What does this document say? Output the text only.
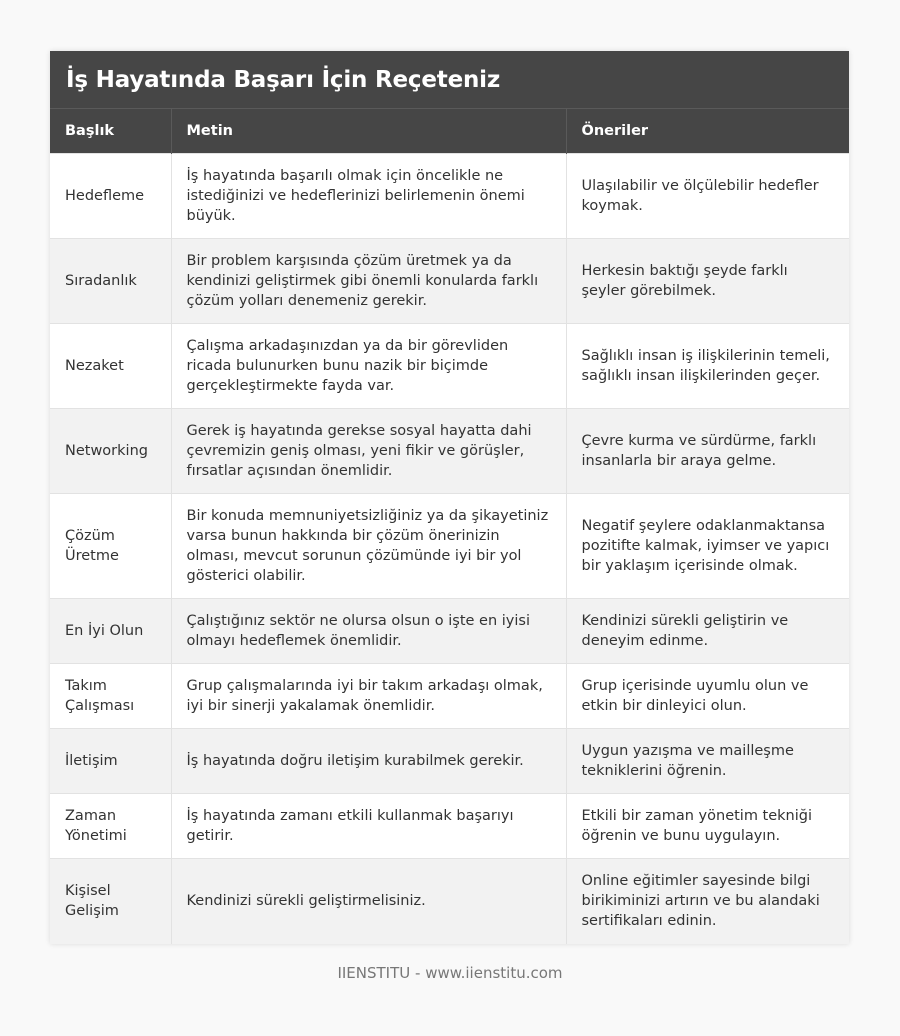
İş Hayatında Başarı İçin Reçeteniz
Başlık	Metin	Öneriler
Hedefleme	İş hayatında başarılı olmak için öncelikle ne istediğinizi ve hedeflerinizi belirlemenin önemi büyük.	Ulaşılabilir ve ölçülebilir hedefler koymak.
Sıradanlık	Bir problem karşısında çözüm üretmek ya da kendinizi geliştirmek gibi önemli konularda farklı çözüm yolları denemeniz gerekir.	Herkesin baktığı şeyde farklı şeyler görebilmek.
Nezaket	Çalışma arkadaşınızdan ya da bir görevliden ricada bulunurken bunu nazik bir biçimde gerçekleştirmekte fayda var.	Sağlıklı insan iş ilişkilerinin temeli, sağlıklı insan ilişkilerinden geçer.
Networking	Gerek iş hayatında gerekse sosyal hayatta dahi çevremizin geniş olması, yeni fikir ve görüşler, fırsatlar açısından önemlidir.	Çevre kurma ve sürdürme, farklı insanlarla bir araya gelme.
Çözüm Üretme	Bir konuda memnuniyetsizliğiniz ya da şikayetiniz varsa bunun hakkında bir çözüm önerinizin olması, mevcut sorunun çözümünde iyi bir yol gösterici olabilir.	Negatif şeylere odaklanmaktansa pozitifte kalmak, iyimser ve yapıcı bir yaklaşım içerisinde olmak.
En İyi Olun	Çalıştığınız sektör ne olursa olsun o işte en iyisi olmayı hedeflemek önemlidir.	Kendinizi sürekli geliştirin ve deneyim edinme.
Takım Çalışması	Grup çalışmalarında iyi bir takım arkadaşı olmak, iyi bir sinerji yakalamak önemlidir.	Grup içerisinde uyumlu olun ve etkin bir dinleyici olun.
İletişim	İş hayatında doğru iletişim kurabilmek gerekir.	Uygun yazışma ve mailleşme tekniklerini öğrenin.
Zaman Yönetimi	İş hayatında zamanı etkili kullanmak başarıyı getirir.	Etkili bir zaman yönetim tekniği öğrenin ve bunu uygulayın.
Kişisel Gelişim	Kendinizi sürekli geliştirmelisiniz.	Online eğitimler sayesinde bilgi birikiminizi artırın ve bu alandaki sertifikaları edinin.
IIENSTITU - www.iienstitu.com
